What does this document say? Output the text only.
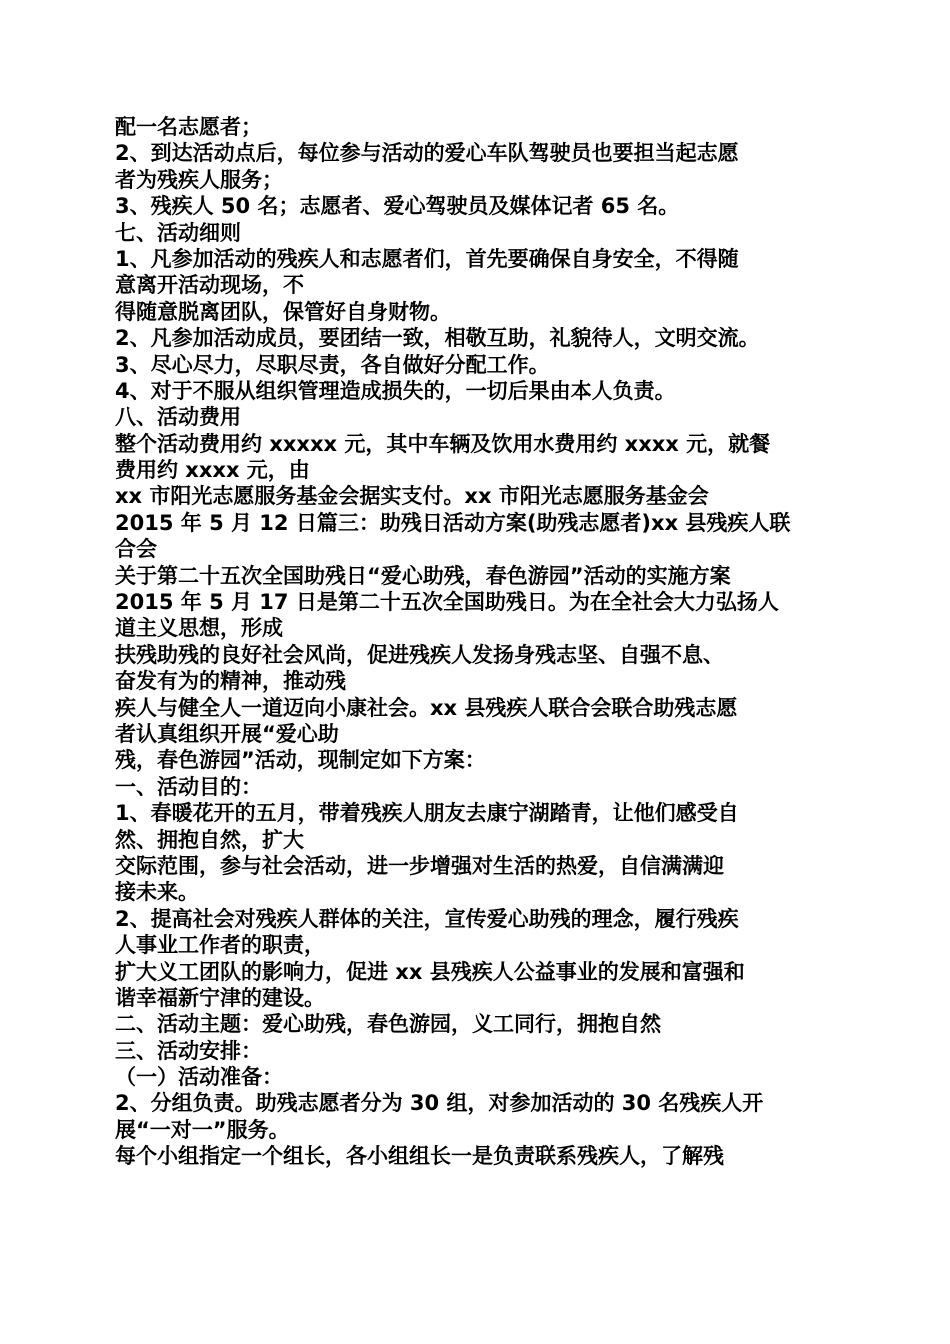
配一名志愿者；
2、到达活动点后，每位参与活动的爱心车队驾驶员也要担当起志愿
者为残疾人服务；
3、残疾人 50 名；志愿者、爱心驾驶员及媒体记者 65 名。
七、活动细则
1、凡参加活动的残疾人和志愿者们，首先要确保自身安全，不得随
意离开活动现场，不
得随意脱离团队，保管好自身财物。
2、凡参加活动成员，要团结一致，相敬互助，礼貌待人，文明交流。
3、尽心尽力，尽职尽责，各自做好分配工作。
4、对于不服从组织管理造成损失的，一切后果由本人负责。
八、活动费用
整个活动费用约 xxxxx 元，其中车辆及饮用水费用约 xxxx 元，就餐
费用约 xxxx 元，由
xx 市阳光志愿服务基金会据实支付。xx 市阳光志愿服务基金会
2015 年 5 月 12 日篇三：助残日活动方案(助残志愿者)xx 县残疾人联
合会
关于第二十五次全国助残日“爱心助残，春色游园”活动的实施方案
2015 年 5 月 17 日是第二十五次全国助残日。为在全社会大力弘扬人
道主义思想，形成
扶残助残的良好社会风尚，促进残疾人发扬身残志坚、自强不息、
奋发有为的精神，推动残
疾人与健全人一道迈向小康社会。xx 县残疾人联合会联合助残志愿
者认真组织开展“爱心助
残，春色游园”活动，现制定如下方案：
一、活动目的：
1、春暖花开的五月，带着残疾人朋友去康宁湖踏青，让他们感受自
然、拥抱自然，扩大
交际范围，参与社会活动，进一步增强对生活的热爱，自信满满迎
接未来。
2、提高社会对残疾人群体的关注，宣传爱心助残的理念，履行残疾
人事业工作者的职责，
扩大义工团队的影响力，促进 xx 县残疾人公益事业的发展和富强和
谐幸福新宁津的建设。
二、活动主题：爱心助残，春色游园，义工同行，拥抱自然
三、活动安排：
（一）活动准备：
2、分组负责。助残志愿者分为 30 组，对参加活动的 30 名残疾人开
展“一对一”服务。
每个小组指定一个组长，各小组组长一是负责联系残疾人，了解残
